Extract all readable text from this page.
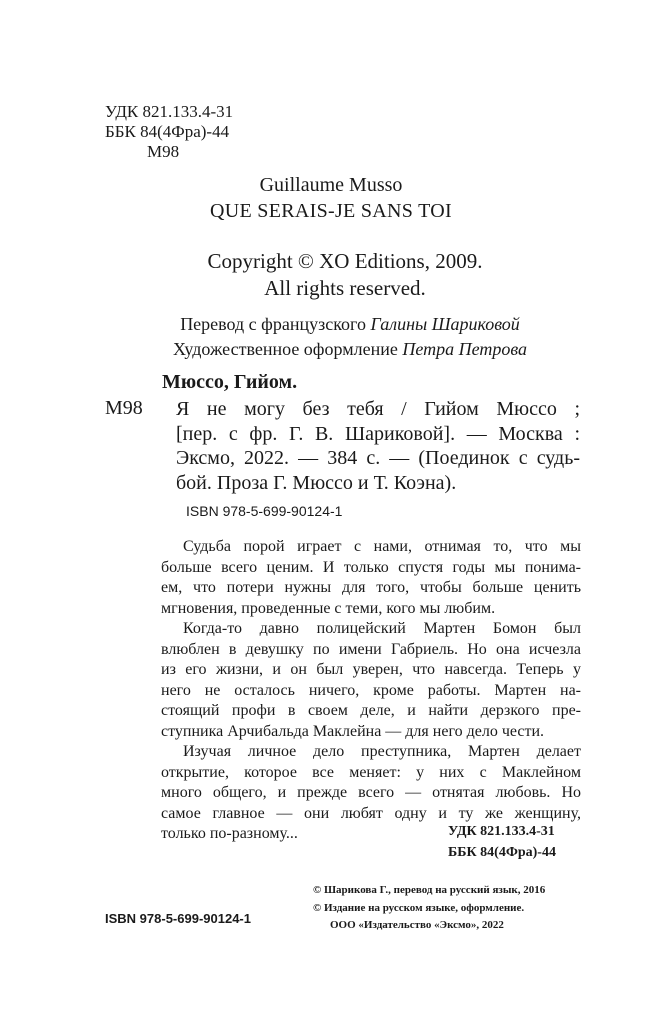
УДК 821.133.4-31
ББК 84(4Фра)-44
М98
Guillaume Musso
QUE SERAIS-JE SANS TOI
Copyright © XO Editions, 2009.
All rights reserved.
Перевод с французского Галины Шариковой
Художественное оформление Петра Петрова
Мюссо, Гийом.
М98 Я не могу без тебя / Гийом Мюссо ;
[пер. с фр. Г. В. Шариковой]. — Москва :
Эксмо, 2022. — 384 с. — (Поединок с судь-
бой. Проза Г. Мюссо и Т. Коэна).
ISBN 978-5-699-90124-1
Судьба порой играет с нами, отнимая то, что мы
больше всего ценим. И только спустя годы мы понима-
ем, что потери нужны для того, чтобы больше ценить
мгновения, проведенные с теми, кого мы любим.
Когда-то давно полицейский Мартен Бомон был
влюблен в девушку по имени Габриель. Но она исчезла
из его жизни, и он был уверен, что навсегда. Теперь у
него не осталось ничего, кроме работы. Мартен на-
стоящий профи в своем деле, и найти дерзкого пре-
ступника Арчибальда Маклейна — для него дело чести.
Изучая личное дело преступника, Мартен делает
открытие, которое все меняет: у них с Маклейном
много общего, и прежде всего — отнятая любовь. Но
самое главное — они любят одну и ту же женщину,
только по-разному...	УДК 821.133.4-31
ББК 84(4Фра)-44
© Шарикова Г., перевод на русский язык, 2016
© Издание на русском языке, оформление.
ООО «Издательство «Эксмо», 2022
ISBN 978-5-699-90124-1
